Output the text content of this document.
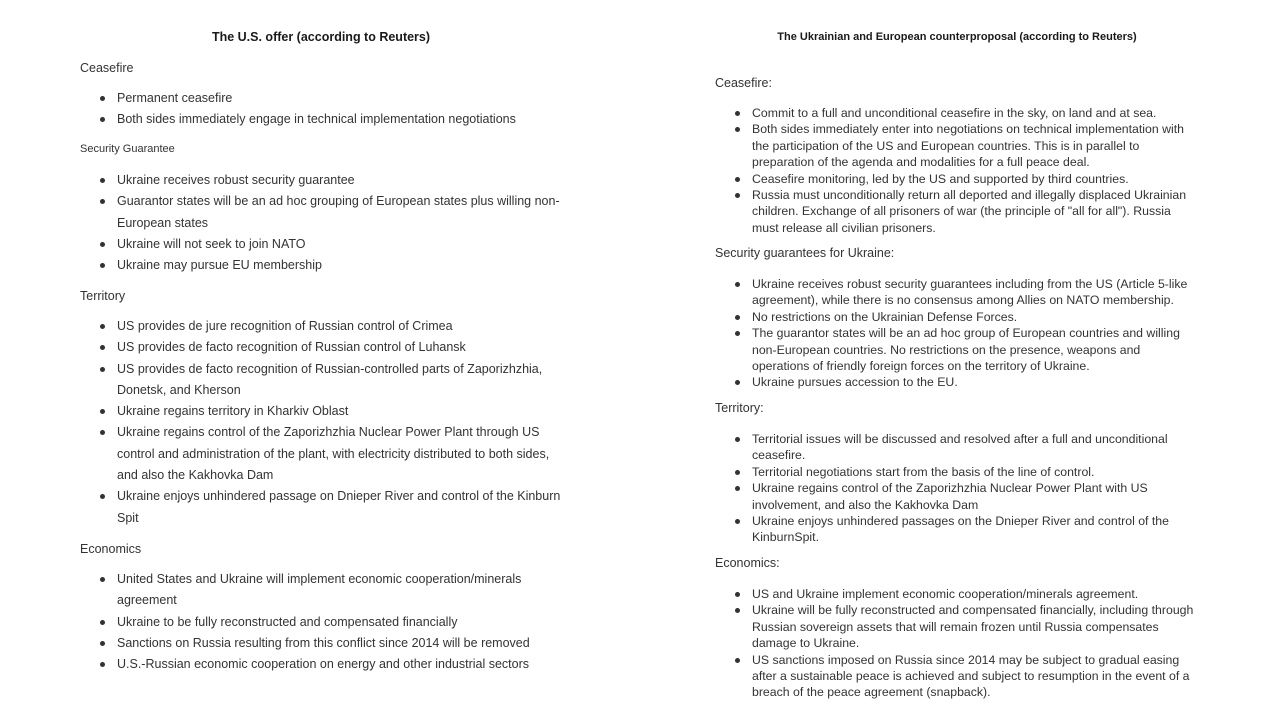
The U.S. offer (according to Reuters)
Ceasefire
Permanent ceasefire
Both sides immediately engage in technical implementation negotiations
Security Guarantee
Ukraine receives robust security guarantee
Guarantor states will be an ad hoc grouping of European states plus willing non-European states
Ukraine will not seek to join NATO
Ukraine may pursue EU membership
Territory
US provides de jure recognition of Russian control of Crimea
US provides de facto recognition of Russian control of Luhansk
US provides de facto recognition of Russian-controlled parts of Zaporizhzhia, Donetsk, and Kherson
Ukraine regains territory in Kharkiv Oblast
Ukraine regains control of the Zaporizhzhia Nuclear Power Plant through US control and administration of the plant, with electricity distributed to both sides, and also the Kakhovka Dam
Ukraine enjoys unhindered passage on Dnieper River and control of the Kinburn Spit
Economics
United States and Ukraine will implement economic cooperation/minerals agreement
Ukraine to be fully reconstructed and compensated financially
Sanctions on Russia resulting from this conflict since 2014 will be removed
U.S.-Russian economic cooperation on energy and other industrial sectors
The Ukrainian and European counterproposal (according to Reuters)
Ceasefire:
Commit to a full and unconditional ceasefire in the sky, on land and at sea.
Both sides immediately enter into negotiations on technical implementation with the participation of the US and European countries. This is in parallel to preparation of the agenda and modalities for a full peace deal.
Ceasefire monitoring, led by the US and supported by third countries.
Russia must unconditionally return all deported and illegally displaced Ukrainian children. Exchange of all prisoners of war (the principle of "all for all"). Russia must release all civilian prisoners.
Security guarantees for Ukraine:
Ukraine receives robust security guarantees including from the US (Article 5-like agreement), while there is no consensus among Allies on NATO membership.
No restrictions on the Ukrainian Defense Forces.
The guarantor states will be an ad hoc group of European countries and willing non-European countries. No restrictions on the presence, weapons and operations of friendly foreign forces on the territory of Ukraine.
Ukraine pursues accession to the EU.
Territory:
Territorial issues will be discussed and resolved after a full and unconditional ceasefire.
Territorial negotiations start from the basis of the line of control.
Ukraine regains control of the Zaporizhzhia Nuclear Power Plant with US involvement, and also the Kakhovka Dam
Ukraine enjoys unhindered passages on the Dnieper River and control of the KinburnSpit.
Economics:
US and Ukraine implement economic cooperation/minerals agreement.
Ukraine will be fully reconstructed and compensated financially, including through Russian sovereign assets that will remain frozen until Russia compensates damage to Ukraine.
US sanctions imposed on Russia since 2014 may be subject to gradual easing after a sustainable peace is achieved and subject to resumption in the event of a breach of the peace agreement (snapback).
